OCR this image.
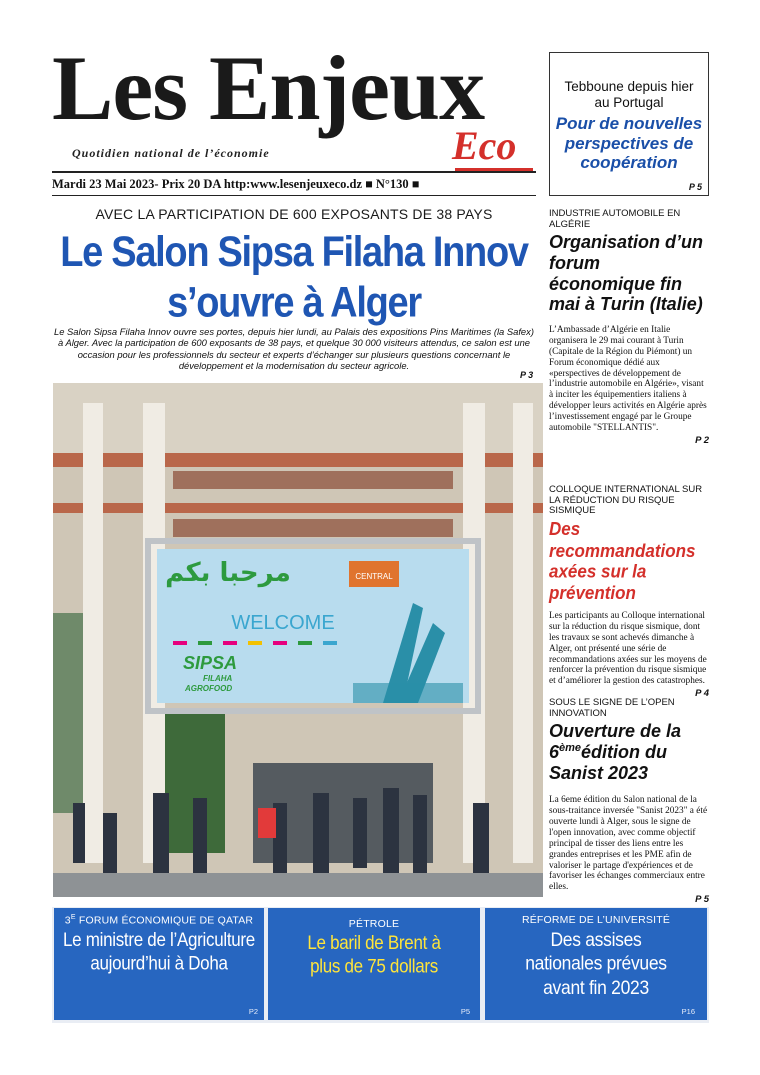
Les Enjeux
Eco
Quotidien national de l’économie
Mardi 23 Mai 2023- Prix 20 DA http:www.lesenjeuxeco.dz ■ N°130 ■
Tebboune depuis hier au Portugal
Pour de nouvelles perspectives de coopération
P 5
AVEC LA PARTICIPATION DE 600 EXPOSANTS DE 38 PAYS
Le Salon Sipsa Filaha Innov
s’ouvre à Alger
Le Salon Sipsa Filaha Innov ouvre ses portes, depuis hier lundi, au Palais des expositions Pins Maritimes (la Safex) à Alger. Avec la participation de 600 exposants de 38 pays, et quelque 30 000 visiteurs attendus, ce salon est une occasion pour les professionnels du secteur et experts d’échanger sur plusieurs questions concernant le développement et la modernisation du secteur agricole.
P 3
مرحبا بكم	CENTRAL
WELCOME
SIPSA
FILAHA
AGROFOOD
INDUSTRIE AUTOMOBILE EN ALGÉRIE
Organisation d’un forum économique fin mai à Turin (Italie)
L’Ambassade d’Algérie en Italie organisera le 29 mai courant à Turin (Capitale de la Région du Piémont) un Forum économique dédié aux «perspectives de développement de l’industrie automobile en Algérie», visant à inciter les équipementiers italiens à développer leurs activités en Algérie après l’investissement engagé par le Groupe automobile "STELLANTIS".
P 2
COLLOQUE INTERNATIONAL SUR LA RÉDUCTION DU RISQUE SISMIQUE
Des recommandations axées sur la prévention
Les participants au Colloque international sur la réduction du risque sismique, dont les travaux se sont achevés dimanche à Alger, ont présenté une série de recommandations axées sur les moyens de renforcer la prévention du risque sismique et d’améliorer la gestion des catastrophes.
P 4
SOUS LE SIGNE DE L’OPEN INNOVATION
Ouverture de la 6èmeédition du Sanist 2023
La 6eme édition du Salon national de la sous-traitance inversée "Sanist 2023" a été ouverte lundi à Alger, sous le signe de l'open innovation, avec comme objectif principal de tisser des liens entre les grandes entreprises et les PME afin de valoriser le partage d'expériences et de favoriser les échanges commerciaux entre elles.
P 5
$3^E$ FORUM ÉCONOMIQUE DE QATAR
Le ministre de l’Agriculture aujourd’hui à Doha
P2
PÉTROLE
Le baril de Brent à plus de 75 dollars
P5
RÉFORME DE L’UNIVERSITÉ
Des assises nationales prévues avant fin 2023
P16
